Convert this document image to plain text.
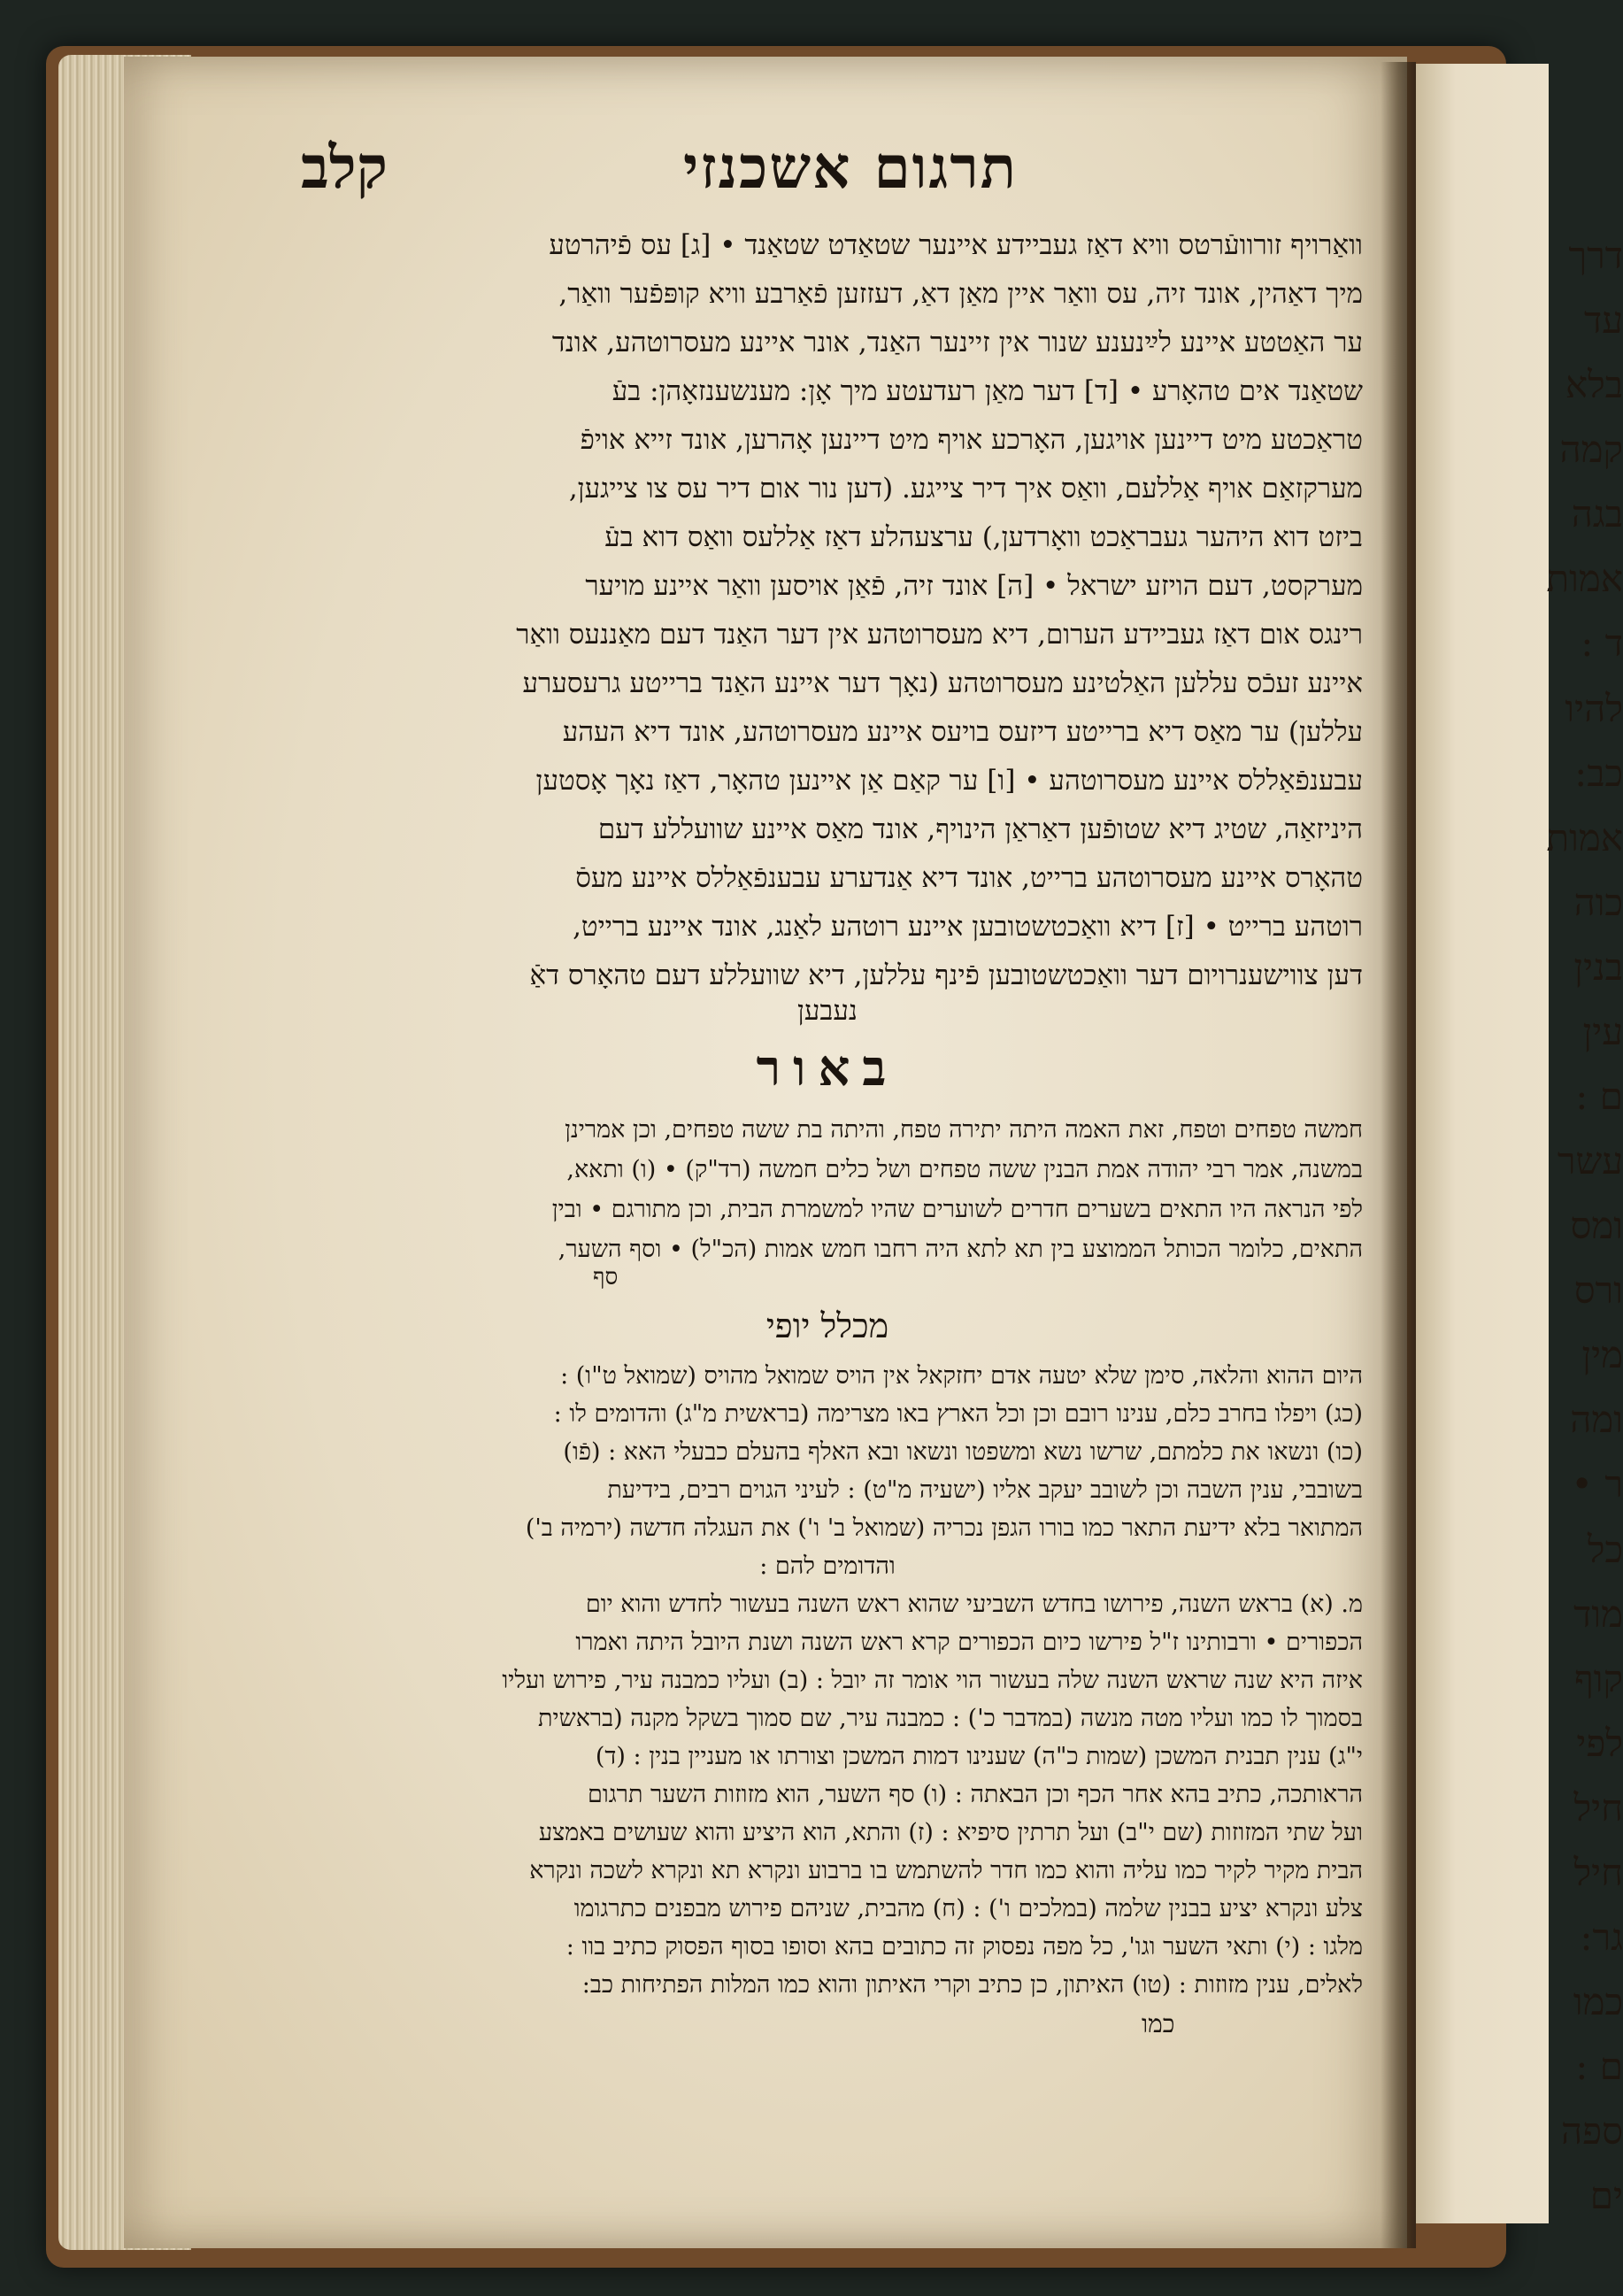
דרך
עד
בלא
קמה
בגה
אמות
ד :
להיו
כב:
אמות
כוה
בנין
עין
ם :
עשר
ומס
ורס
מין
ומה
ר •
כל
מוד
קוף
לפי
חיל
חיל
גר:
כמו
ם :
ספה
ים
תרגום אשכנזי
קלב

וואַרויף זורוועֿרטס וויא דאַז געביידע איינער שטאַדט שטאַנד • [ג] עס פֿיהרטע

מיך דאַהין, אונד זיה, עס וואַר איין מאַן דאַ, דעזזען פֿאַרבע וויא קופּפֿער וואַר,

ער האַטטע איינע לײַנענע שנור אין זיינער האַנד, אונר איינע מעסרוטהע, אונד

שטאַנד אים טהאָרע • [ד] דער מאַן רעדעטע מיך אָן: מענשענזאָהן: בעֿ

טראַכטע מיט דיינען אויגען, האָרכע אויף מיט דיינען אָהרען, אונד זייא אויפֿ

מערקזאַם אויף אַללעם, וואַס איך דיר צייגע. (דען נור אום דיר עס צו צייגען,

ביזט דוא היהער געבראַכט וואָרדען,) ערצעהלע דאַז אַללעס וואַס דוא בעֿ

מערקסט, דעם הויזע ישראל • [ה] אונד זיה, פֿאַן אויסען וואַר איינע מויער

רינגס אום דאַז געביידע הערום, דיא מעסרוטהע אין דער האַנד דעם מאַננעס וואַר

איינע זעכֿס עללען האַלטינע מעסרוטהע (נאָך דער איינע האַנד ברייטע גרעסערע

עללען) ער מאַס דיא ברייטע דיזעס בויעס איינע מעסרוטהע, אונד דיא העהע

עבענפֿאַללס איינע מעסרוטהע • [ו] ער קאַם אַן איינען טהאָר, דאַז נאָך אָסטען

היניזאַה, שטיג דיא שטופֿען דאַראַן הינויף, אונד מאַס איינע שוועללע דעם

טהאָרס איינע מעסרוטהע ברייט, אונד דיא אַנדערע עבענפֿאַללס איינע מעסֿ

רוטהע ברייט • [ז] דיא וואַכטשטובען איינע רוטהע לאַנג, אונד איינע ברייט,

דען צווישענרויום דער וואַכטשטובען פֿינף עללען, דיא שוועללע דעם טהאָרס דאַֿ

נעבען
באור

חמשה טפחים וטפח, זאת האמה היתה יתירה טפח, והיתה בת ששה טפחים, וכן אמרינן

במשנה, אמר רבי יהודה אמת הבנין ששה טפחים ושל כלים חמשה (רד"ק) • (ו) ותאא,

לפי הנראה היו התאים בשערים חדרים לשוערים שהיו למשמרת הבית, וכן מתורגם • ובין

התאים, כלומר הכותל הממוצע בין תא לתא היה רחבו חמש אמות (הכ"ל) • וסף השער,

סף
מכלל יופי

היום ההוא והלאה, סימן שלא יטעה אדם יחזקאל אין הויס שמואל מהויס (שמואל ט"ו) :

(כג) ויפלו בחרב כלם, ענינו רובם וכן וכל הארץ באו מצרימה (בראשית מ"ג) והדומים לו :

(כו) ונשאו את כלמתם, שרשו נשא ומשפטו ונשאו ובא האלף בהעלם כבעלי האא : (פֿו)

בשובבי, ענין השבה וכן לשובב יעקב אליו (ישעיה מ"ט) : לעיני הגוים רבים, בידיעת

המתואר בלא ידיעת התאר כמו בורו הגפן נכריה (שמואל ב' ו') את העגלה חדשה (ירמיה ב')

והדומים להם :

מ. (א) בראש השנה, פירושו בחדש השביעי שהוא ראש השנה בעשור לחדש והוא יום

הכפורים • ורבותינו ז"ל פירשו כיום הכפורים קרא ראש השנה ושנת היובל היתה ואמרו

איזה היא שנה שראש השנה שלה בעשור הוי אומר זה יובל : (ב) ועליו כמבנה עיר, פירוש ועליו

בסמוך לו כמו ועליו מטה מנשה (במדבר כ') : כמבנה עיר, שם סמוך בשקל מקנה (בראשית

י"ג) ענין תבנית המשכן (שמות כ"ה) שענינו דמות המשכן וצורתו או מעניין בנין : (ד)

הראותכה, כתיב בהא אחר הכף וכן הבאתה : (ו) סף השער, הוא מזוזות השער תרגום

ועל שתי המזוזות (שם י"ב) ועל תרתין סיפיא : (ז) והתא, הוא היציע והוא שעושים באמצע

הבית מקיר לקיר כמו עליה והוא כמו חדר להשתמש בו ברבוע ונקרא תא ונקרא לשכה ונקרא

צלע ונקרא יציע בבנין שלמה (במלכים ו') : (ח) מהבית, שניהם פירוש מבפנים כתרגומו

מלגו : (י) ותאי השער וגו', כל מפה נפסוק זה כתובים בהא וסופו בסוף הפסוק כתיב בוו :

לאלים, ענין מזוזות : (טו) האיתון, כן כתיב וקרי האיתון והוא כמו המלות הפתיחות כב:

כמו
